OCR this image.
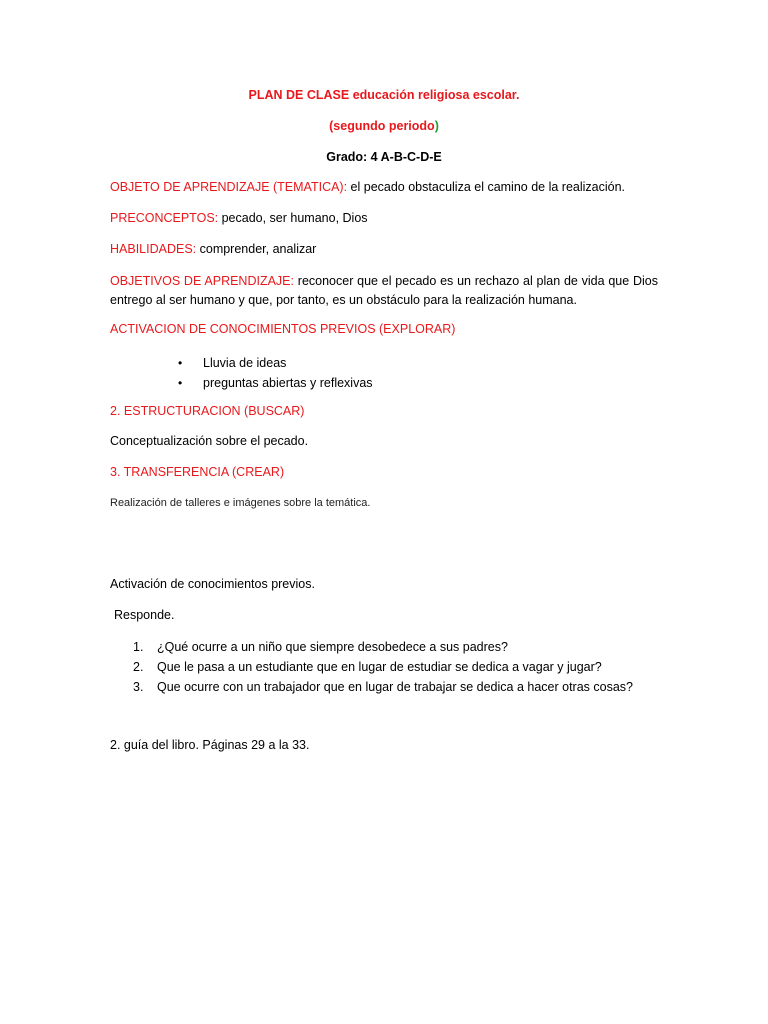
PLAN DE CLASE educación religiosa escolar.
(segundo periodo)
Grado: 4 A-B-C-D-E
OBJETO DE APRENDIZAJE (TEMATICA): el pecado obstaculiza el camino de la realización.
PRECONCEPTOS: pecado, ser humano, Dios
HABILIDADES: comprender, analizar
OBJETIVOS DE APRENDIZAJE: reconocer que el pecado es un rechazo al plan de vida que Dios entrego al ser humano y que, por tanto, es un obstáculo para la realización humana.
ACTIVACION DE CONOCIMIENTOS PREVIOS (EXPLORAR)
• Lluvia de ideas
• preguntas abiertas y reflexivas
2. ESTRUCTURACION (BUSCAR)
Conceptualización sobre el pecado.
3. TRANSFERENCIA (CREAR)
Realización de talleres e imágenes sobre la temática.
Activación de conocimientos previos.
Responde.
1. ¿Qué ocurre a un niño que siempre desobedece a sus padres?
2. Que le pasa a un estudiante que en lugar de estudiar se dedica a vagar y jugar?
3. Que ocurre con un trabajador que en lugar de trabajar se dedica a hacer otras cosas?
2. guía del libro. Páginas 29 a la 33.
